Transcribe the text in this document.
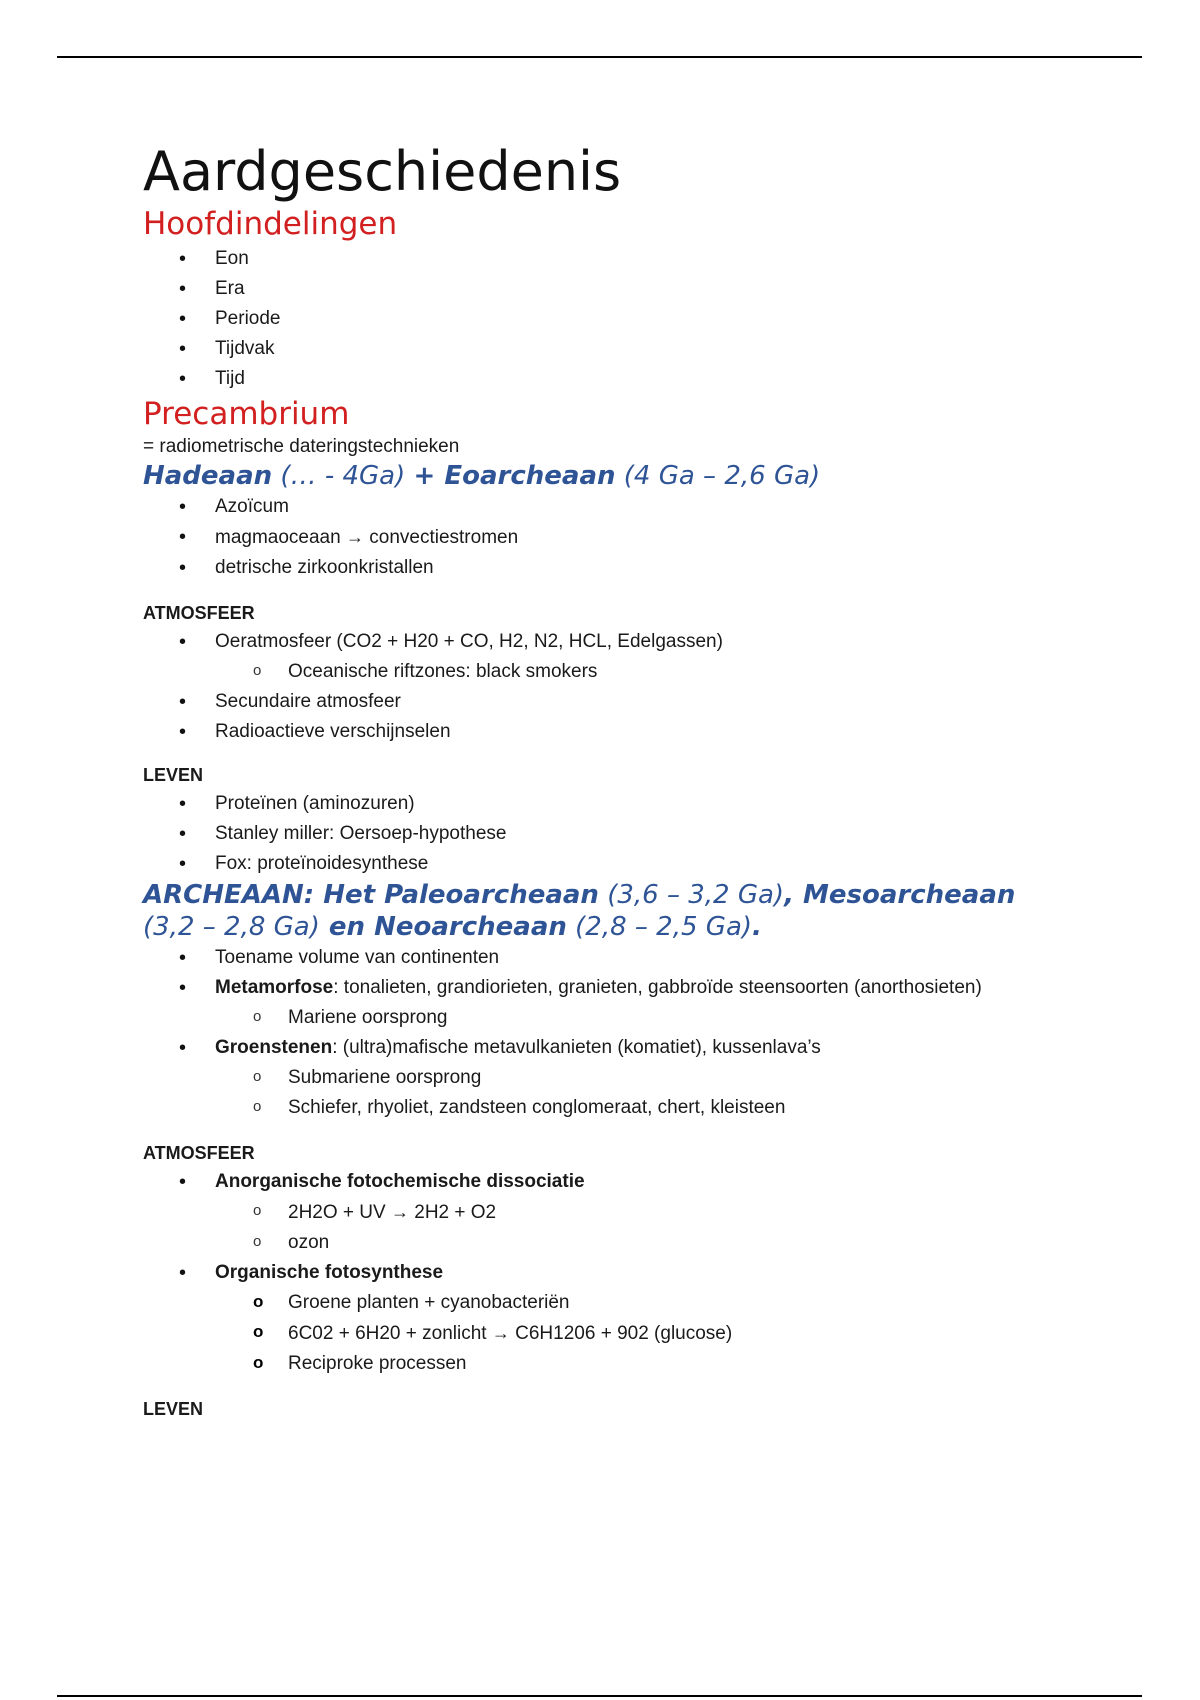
Aardgeschiedenis
Hoofdindelingen
• Eon
• Era
• Periode
• Tijdvak
• Tijd
Precambrium

= radiometrische dateringstechnieken

Hadeaan (… - 4Ga) + Eoarcheaan (4 Ga – 2,6 Ga)
• Azoïcum
• magmaoceaan → convectiestromen
• detrische zirkoonkristallen

ATMOSFEER

• Oeratmosfeer (CO2 + H20 + CO, H2, N2, HCL, Edelgassen)
o Oceanische riftzones: black smokers
• Secundaire atmosfeer
• Radioactieve verschijnselen

LEVEN

• Proteïnen (aminozuren)
• Stanley miller: Oersoep-hypothese
• Fox: proteïnoidesynthese
ARCHEAAN: Het Paleoarcheaan (3,6 – 3,2 Ga), Mesoarcheaan
(3,2 – 2,8 Ga) en Neoarcheaan (2,8 – 2,5 Ga).
• Toename volume van continenten
• Metamorfose: tonalieten, grandiorieten, granieten, gabbroïde steensoorten (anorthosieten)
o Mariene oorsprong
• Groenstenen: (ultra)mafische metavulkanieten (komatiet), kussenlava’s
o Submariene oorsprong
o Schiefer, rhyoliet, zandsteen conglomeraat, chert, kleisteen

ATMOSFEER

• Anorganische fotochemische dissociatie
o 2H2O + UV → 2H2 + O2
o ozon
• Organische fotosynthese
o Groene planten + cyanobacteriën
o 6C02 + 6H20 + zonlicht → C6H1206 + 902 (glucose)
o Reciproke processen

LEVEN
